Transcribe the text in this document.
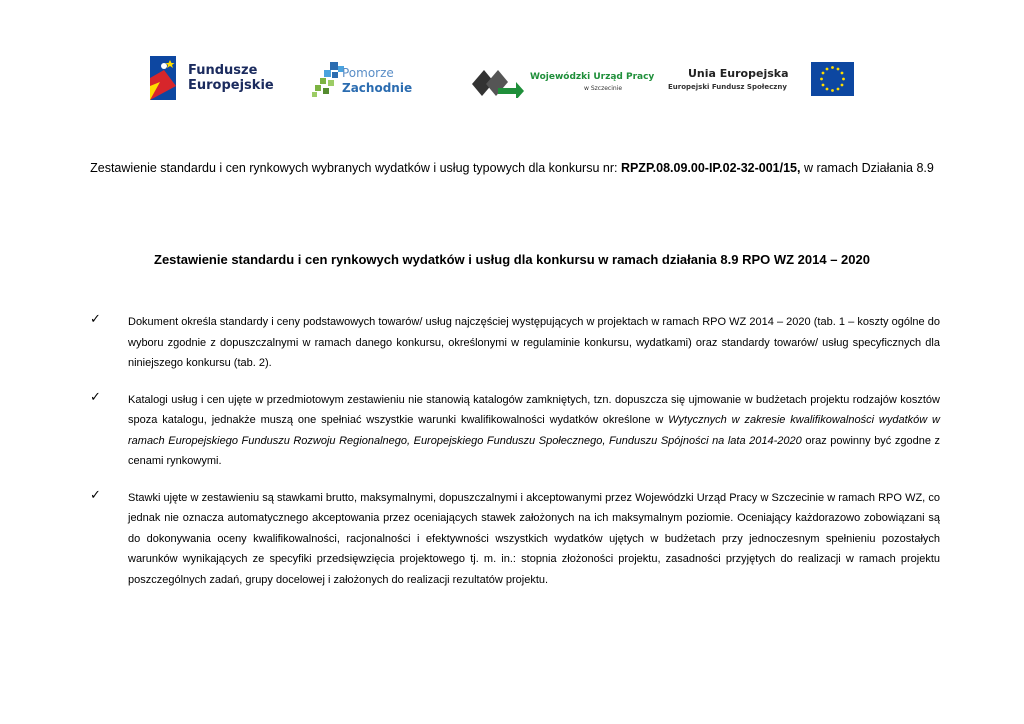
Fundusze
Europejskie
Pomorze
Zachodnie
Wojewódzki Urząd Pracy
w Szczecinie
Unia Europejska
Europejski Fundusz Społeczny
Zestawienie standardu i cen rynkowych wybranych wydatków i usług typowych dla konkursu nr: RPZP.08.09.00-IP.02-32-001/15, w ramach Działania 8.9
Zestawienie standardu i cen rynkowych wydatków i usług dla konkursu w ramach działania 8.9 RPO WZ 2014 – 2020
✓ Dokument określa standardy i ceny podstawowych towarów/ usług najczęściej występujących w projektach w ramach RPO WZ 2014 – 2020 (tab. 1 – koszty ogólne do wyboru zgodnie z dopuszczalnymi w ramach danego konkursu, określonymi w regulaminie konkursu, wydatkami) oraz standardy towarów/ usług specyficznych dla niniejszego konkursu (tab. 2).

✓ Katalogi usług i cen ujęte w przedmiotowym zestawieniu nie stanowią katalogów zamkniętych, tzn. dopuszcza się ujmowanie w budżetach projektu rodzajów kosztów spoza katalogu, jednakże muszą one spełniać wszystkie warunki kwalifikowalności wydatków określone w Wytycznych w zakresie kwalifikowalności wydatków w ramach Europejskiego Funduszu Rozwoju Regionalnego, Europejskiego Funduszu Społecznego, Funduszu Spójności na lata 2014-2020 oraz powinny być zgodne z cenami rynkowymi.

✓ Stawki ujęte w zestawieniu są stawkami brutto, maksymalnymi, dopuszczalnymi i akceptowanymi przez Wojewódzki Urząd Pracy w Szczecinie w ramach RPO WZ, co jednak nie oznacza automatycznego akceptowania przez oceniających stawek założonych na ich maksymalnym poziomie. Oceniający każdorazowo zobowiązani są do dokonywania oceny kwalifikowalności, racjonalności i efektywności wszystkich wydatków ujętych w budżetach przy jednoczesnym spełnieniu pozostałych warunków wynikających ze specyfiki przedsięwzięcia projektowego tj. m. in.: stopnia złożoności projektu, zasadności przyjętych do realizacji w ramach projektu poszczególnych zadań, grupy docelowej i założonych do realizacji rezultatów projektu.
